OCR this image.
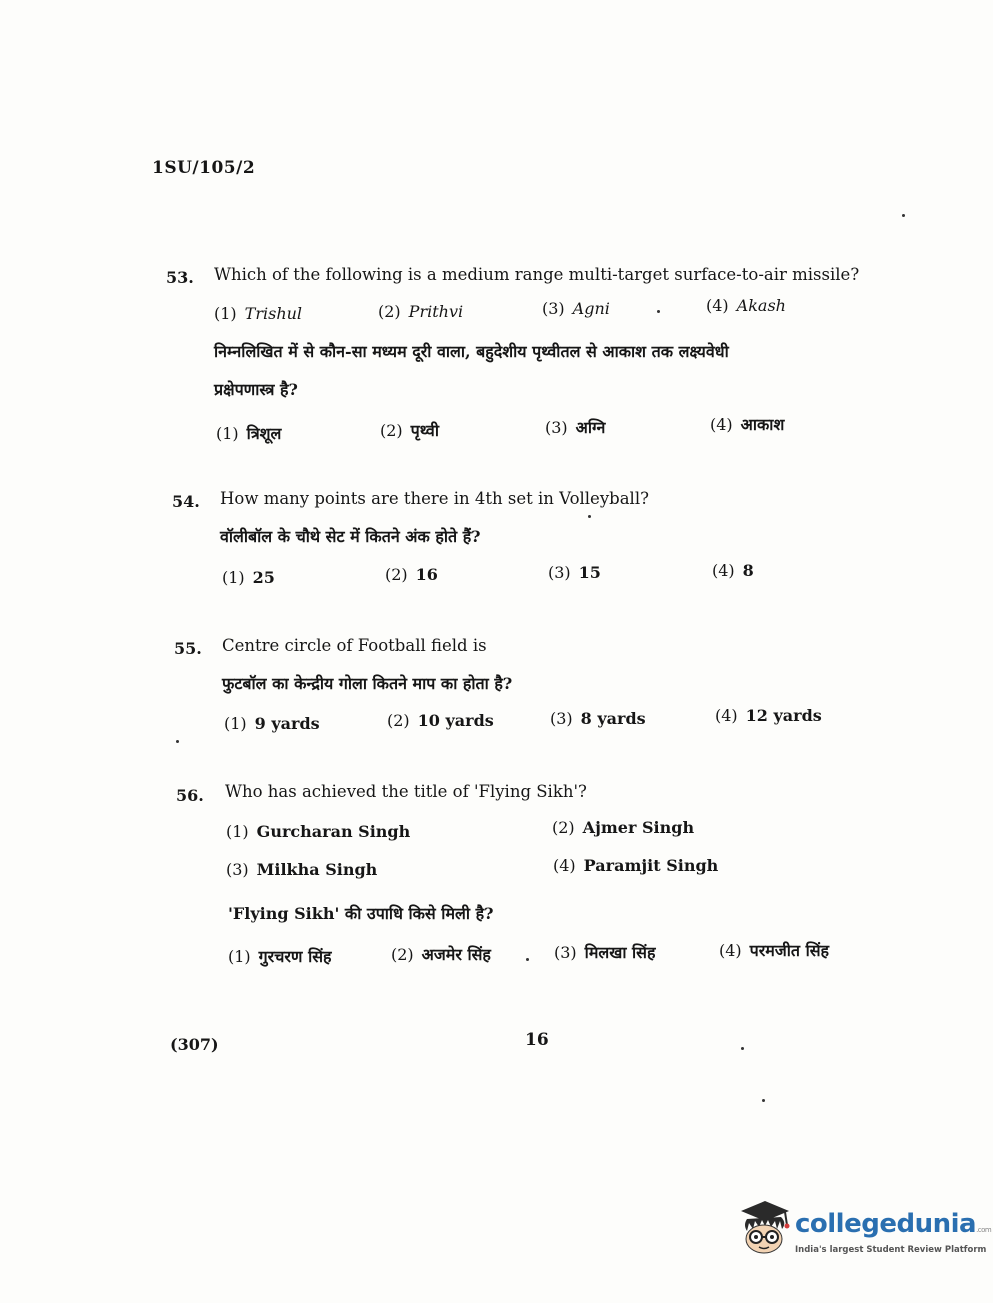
1SU/105/2
53. Which of the following is a medium range multi-target surface-to-air missile?
(1) Trishul	(2) Prithvi	(3) Agni	(4) Akash
निम्नलिखित में से कौन-सा मध्यम दूरी वाला, बहुदेशीय पृथ्वीतल से आकाश तक लक्ष्यवेधी
प्रक्षेपणास्त्र है?
(1) त्रिशूल	(2) पृथ्वी	(3) अग्नि	(4) आकाश
54. How many points are there in 4th set in Volleyball?
वॉलीबॉल के चौथे सेट में कितने अंक होते हैं?
(1) 25	(2) 16	(3) 15	(4) 8
55. Centre circle of Football field is
फुटबॉल का केन्द्रीय गोला कितने माप का होता है?
(1) 9 yards	(2) 10 yards	(3) 8 yards	(4) 12 yards
56. Who has achieved the title of 'Flying Sikh'?
(1) Gurcharan Singh	(2) Ajmer Singh
(3) Milkha Singh	(4) Paramjit Singh
'Flying Sikh' की उपाधि किसे मिली है?
(1) गुरचरण सिंह	(2) अजमेर सिंह	(3) मिलखा सिंह	(4) परमजीत सिंह
(307)	16
collegedunia.com
India's largest Student Review Platform
